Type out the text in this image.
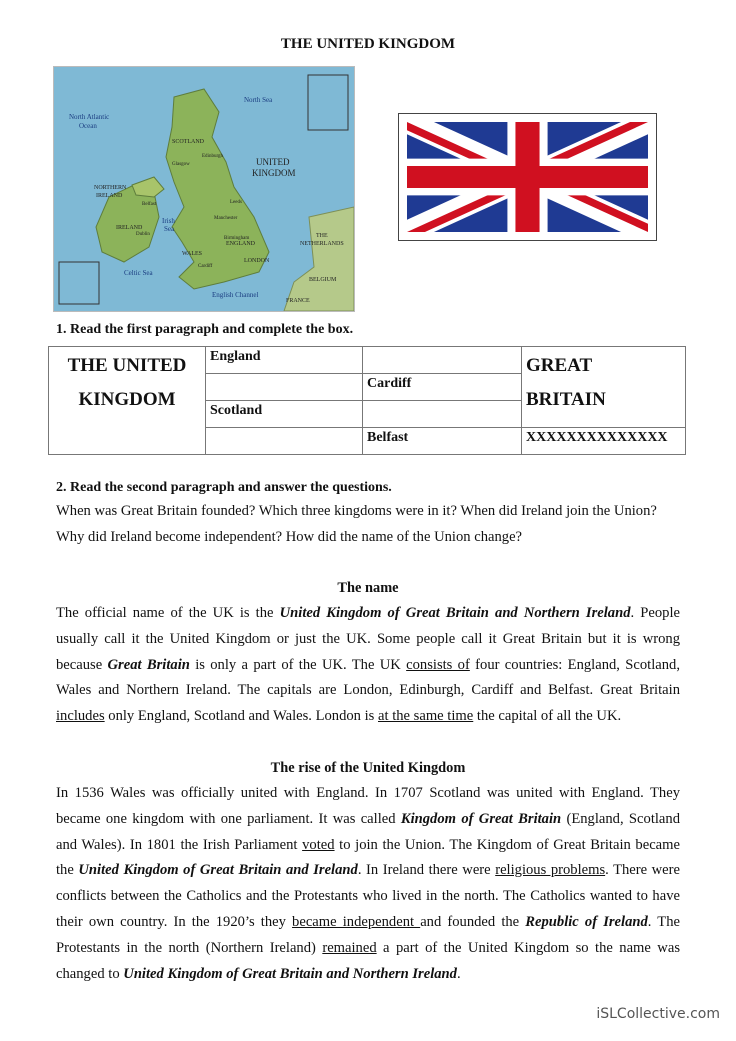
THE UNITED KINGDOM
North Sea
North Atlantic
Ocean
UNITED
KINGDOM
SCOTLAND
NORTHERN
IRELAND
Irish
Sea
IRELAND
WALES
Celtic Sea
ENGLAND
LONDON
English Channel
FRANCE
THE
NETHERLANDS
BELGIUM
Edinburgh
Glasgow
Belfast
Dublin
Cardiff
Manchester
Birmingham
Leeds
1. Read the first paragraph and complete the box.
THE UNITED
KINGDOM	England		GREAT
BRITAIN
		Cardiff	
	Scotland		
		Belfast	XXXXXXXXXXXXXX
2. Read the second paragraph and answer the questions.
When was Great Britain founded? Which three kingdoms were in it? When did Ireland join the Union? Why did Ireland become independent? How did the name of the Union change?
The name
The official name of the UK is the United Kingdom of Great Britain and Northern Ireland. People usually call it the United Kingdom or just the UK. Some people call it Great Britain but it is wrong because Great Britain is only a part of the UK. The UK consists of four countries: England, Scotland, Wales and Northern Ireland. The capitals are London, Edinburgh, Cardiff and Belfast. Great Britain includes only England, Scotland and Wales. London is at the same time the capital of all the UK.
The rise of the United Kingdom
In 1536 Wales was officially united with England. In 1707 Scotland was united with England. They became one kingdom with one parliament. It was called Kingdom of Great Britain (England, Scotland and Wales). In 1801 the Irish Parliament voted to join the Union. The Kingdom of Great Britain became the United Kingdom of Great Britain and Ireland. In Ireland there were religious problems. There were conflicts between the Catholics and the Protestants who lived in the north. The Catholics wanted to have their own country. In the 1920’s they became independent and founded the Republic of Ireland. The Protestants in the north (Northern Ireland) remained a part of the United Kingdom so the name was changed to United Kingdom of Great Britain and Northern Ireland.
iSLCollective.com
